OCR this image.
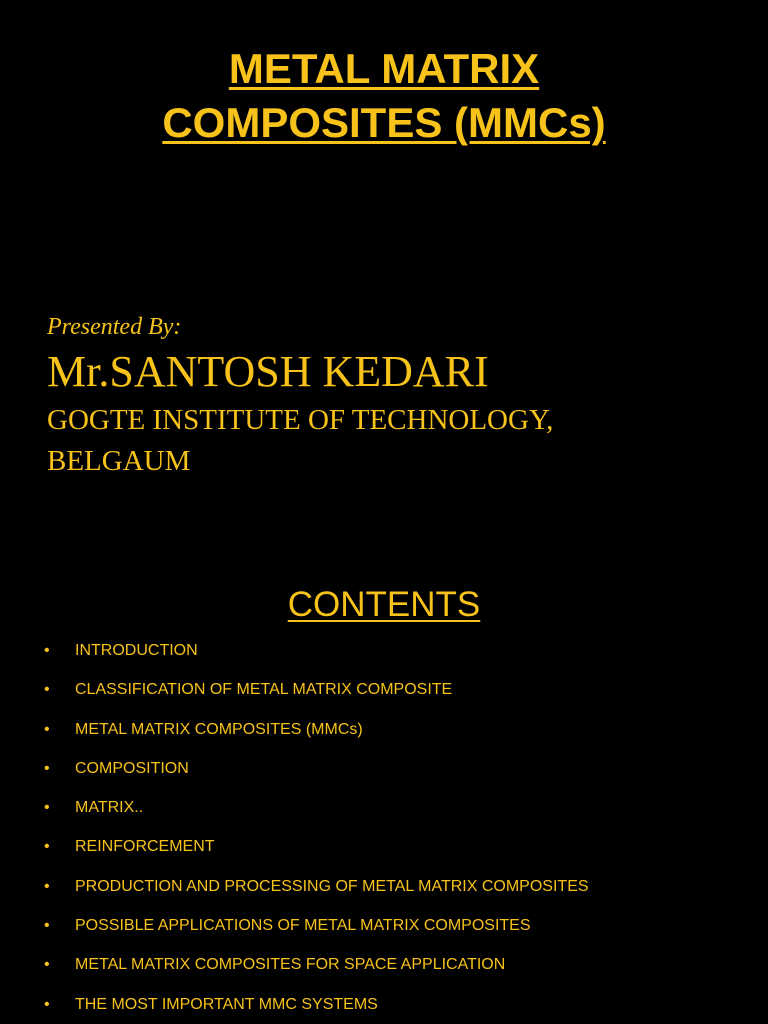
METAL MATRIX
COMPOSITES (MMCs)
Presented By:
Mr.SANTOSH KEDARI
GOGTE INSTITUTE OF TECHNOLOGY,
BELGAUM
CONTENTS
•	INTRODUCTION
•	CLASSIFICATION OF METAL MATRIX COMPOSITE
•	METAL MATRIX COMPOSITES (MMCs)
•	COMPOSITION
•	MATRIX..
•	REINFORCEMENT
•	PRODUCTION AND PROCESSING OF METAL MATRIX COMPOSITES
•	POSSIBLE APPLICATIONS OF METAL MATRIX COMPOSITES
•	METAL MATRIX COMPOSITES FOR SPACE APPLICATION
•	THE MOST IMPORTANT MMC SYSTEMS
